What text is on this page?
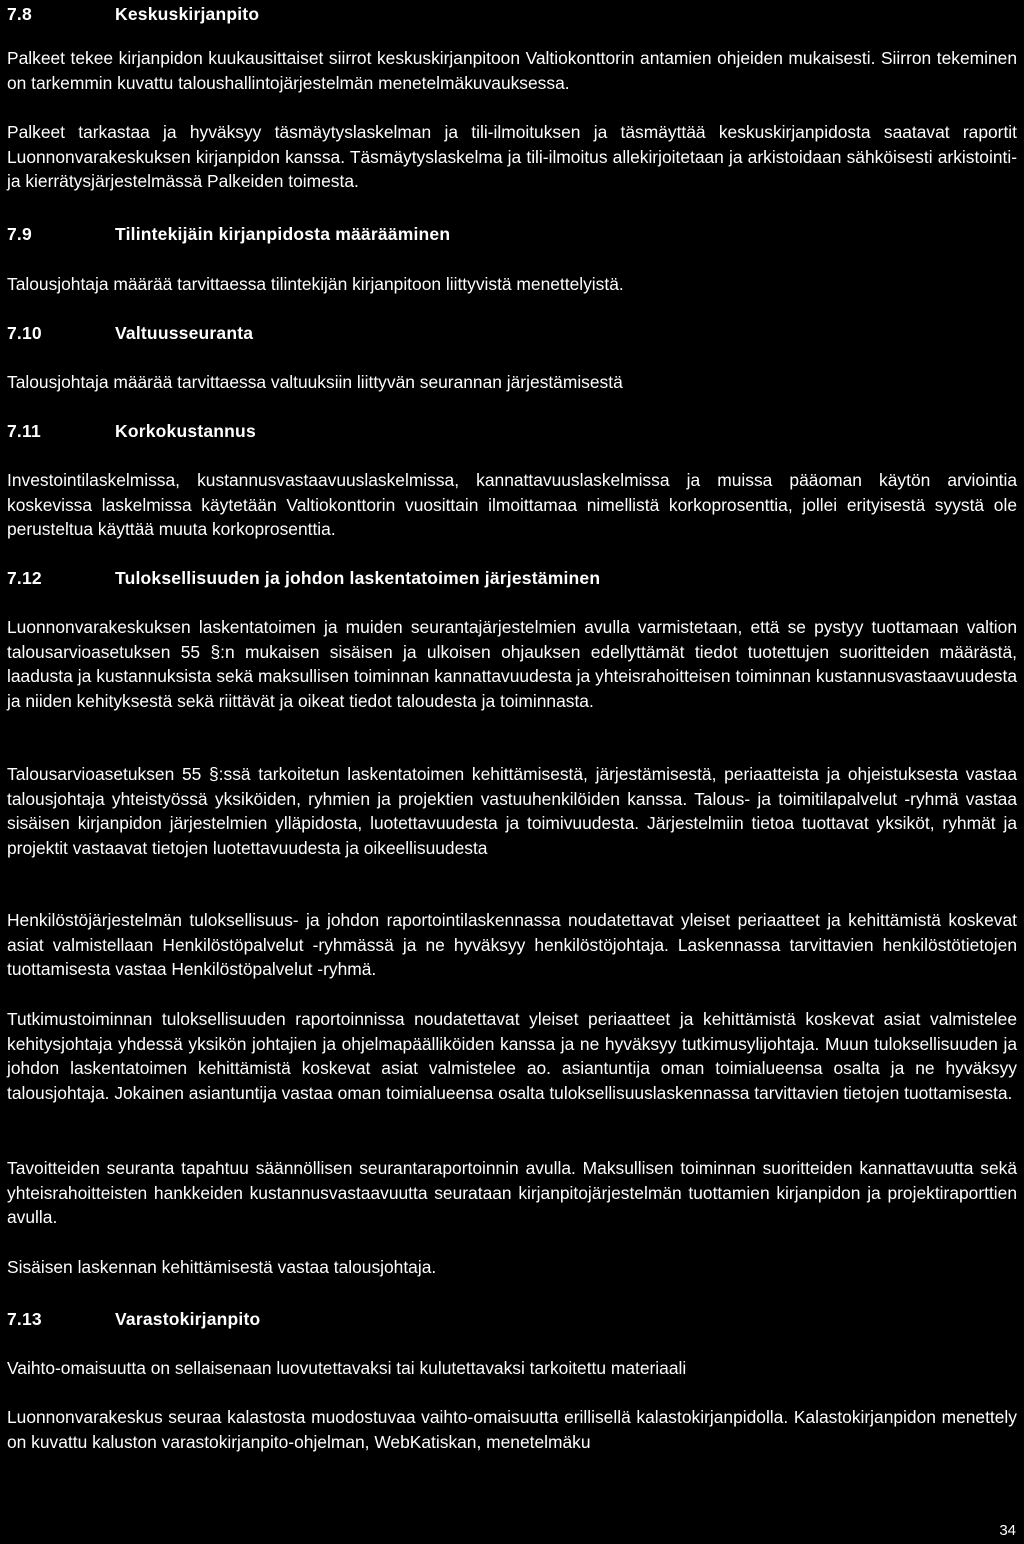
7.8	Keskuskirjanpito

Palkeet tekee kirjanpidon kuukausittaiset siirrot keskuskirjanpitoon Valtiokonttorin antamien ohjeiden mukaisesti. Siirron tekeminen on tarkemmin kuvattu taloushallintojärjestelmän menetelmäkuvauksessa.

Palkeet tarkastaa ja hyväksyy täsmäytyslaskelman ja tili-ilmoituksen ja täsmäyttää keskuskirjanpidosta saatavat raportit Luonnonvarakeskuksen kirjanpidon kanssa. Täsmäytyslaskelma ja tili-ilmoitus allekirjoitetaan ja arkistoidaan sähköisesti arkistointi- ja kierrätysjärjestelmässä Palkeiden toimesta.

7.9	Tilintekijäin kirjanpidosta määrääminen

Talousjohtaja määrää tarvittaessa tilintekijän kirjanpitoon liittyvistä menettelyistä.

7.10	Valtuusseuranta

Talousjohtaja määrää tarvittaessa valtuuksiin liittyvän seurannan järjestämisestä

7.11	Korkokustannus

Investointilaskelmissa, kustannusvastaavuuslaskelmissa, kannattavuuslaskelmissa ja muissa pääoman käytön arviointia koskevissa laskelmissa käytetään Valtiokonttorin vuosittain ilmoittamaa nimellistä korkoprosenttia, jollei erityisestä syystä ole perusteltua käyttää muuta korkoprosenttia.

7.12	Tuloksellisuuden ja johdon laskentatoimen järjestäminen

Luonnonvarakeskuksen laskentatoimen ja muiden seurantajärjestelmien avulla varmistetaan, että se pystyy tuottamaan valtion talousarvioasetuksen 55 §:n mukaisen sisäisen ja ulkoisen ohjauksen edellyttämät tiedot tuotettujen suoritteiden määrästä, laadusta ja kustannuksista sekä maksullisen toiminnan kannattavuudesta ja yhteisrahoitteisen toiminnan kustannusvastaavuudesta ja niiden kehityksestä sekä riittävät ja oikeat tiedot taloudesta ja toiminnasta.

Talousarvioasetuksen 55 §:ssä tarkoitetun laskentatoimen kehittämisestä, järjestämisestä, periaatteista ja ohjeistuksesta vastaa talousjohtaja yhteistyössä yksiköiden, ryhmien ja projektien vastuuhenkilöiden kanssa. Talous- ja toimitilapalvelut -ryhmä vastaa sisäisen kirjanpidon järjestelmien ylläpidosta, luotettavuudesta ja toimivuudesta. Järjestelmiin tietoa tuottavat yksiköt, ryhmät ja projektit vastaavat tietojen luotettavuudesta ja oikeellisuudesta

Henkilöstöjärjestelmän tuloksellisuus- ja johdon raportointilaskennassa noudatettavat yleiset periaatteet ja kehittämistä koskevat asiat valmistellaan Henkilöstöpalvelut -ryhmässä ja ne hyväksyy henkilöstöjohtaja. Laskennassa tarvittavien henkilöstötietojen tuottamisesta vastaa Henkilöstöpalvelut -ryhmä.

Tutkimustoiminnan tuloksellisuuden raportoinnissa noudatettavat yleiset periaatteet ja kehittämistä koskevat asiat valmistelee kehitysjohtaja yhdessä yksikön johtajien ja ohjelmapäälliköiden kanssa ja ne hyväksyy tutkimusylijohtaja. Muun tuloksellisuuden ja johdon laskentatoimen kehittämistä koskevat asiat valmistelee ao. asiantuntija oman toimialueensa osalta ja ne hyväksyy talousjohtaja. Jokainen asiantuntija vastaa oman toimialueensa osalta tuloksellisuuslaskennassa tarvittavien tietojen tuottamisesta.

Tavoitteiden seuranta tapahtuu säännöllisen seurantaraportoinnin avulla. Maksullisen toiminnan suoritteiden kannattavuutta sekä yhteisrahoitteisten hankkeiden kustannusvastaavuutta seurataan kirjanpitojärjestelmän tuottamien kirjanpidon ja projektiraporttien avulla.

Sisäisen laskennan kehittämisestä vastaa talousjohtaja.

7.13	Varastokirjanpito

Vaihto-omaisuutta on sellaisenaan luovutettavaksi tai kulutettavaksi tarkoitettu materiaali

Luonnonvarakeskus seuraa kalastosta muodostuvaa vaihto-omaisuutta erillisellä kalastokirjanpidolla. Kalastokirjanpidon menettely on kuvattu kaluston varastokirjanpito-ohjelman, WebKatiskan, menetelmäku

34
